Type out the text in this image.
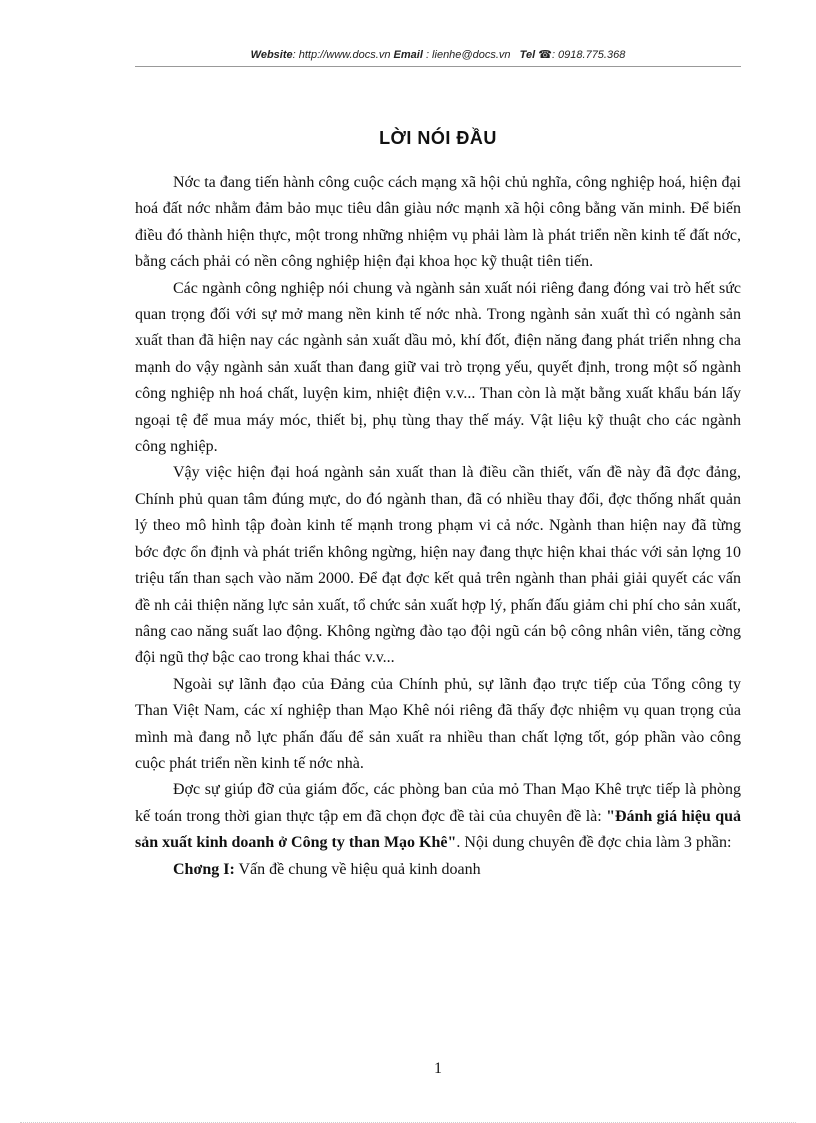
Website: http://www.docs.vn Email : lienhe@docs.vn Tel ☎: 0918.775.368
LỜI NÓI ĐẦU

Nớc ta đang tiến hành công cuộc cách mạng xã hội chủ nghĩa, công nghiệp hoá, hiện đại hoá đất nớc nhằm đảm bảo mục tiêu dân giàu nớc mạnh xã hội công bằng văn minh. Để biến điều đó thành hiện thực, một trong những nhiệm vụ phải làm là phát triển nền kinh tế đất nớc, bằng cách phải có nền công nghiệp hiện đại khoa học kỹ thuật tiên tiến.

Các ngành công nghiệp nói chung và ngành sản xuất nói riêng đang đóng vai trò hết sức quan trọng đối với sự mở mang nền kinh tế nớc nhà. Trong ngành sản xuất thì có ngành sản xuất than đã hiện nay các ngành sản xuất dầu mỏ, khí đốt, điện năng đang phát triển nhng cha mạnh do vậy ngành sản xuất than đang giữ vai trò trọng yếu, quyết định, trong một số ngành công nghiệp nh hoá chất, luyện kim, nhiệt điện v.v... Than còn là mặt bằng xuất khẩu bán lấy ngoại tệ để mua máy móc, thiết bị, phụ tùng thay thế máy. Vật liệu kỹ thuật cho các ngành công nghiệp.

Vậy việc hiện đại hoá ngành sản xuất than là điều cần thiết, vấn đề này đã đợc đảng, Chính phủ quan tâm đúng mực, do đó ngành than, đã có nhiều thay đổi, đợc thống nhất quản lý theo mô hình tập đoàn kinh tế mạnh trong phạm vi cả nớc. Ngành than hiện nay đã từng bớc đợc ổn định và phát triển không ngừng, hiện nay đang thực hiện khai thác với sản lợng 10 triệu tấn than sạch vào năm 2000. Để đạt đợc kết quả trên ngành than phải giải quyết các vấn đề nh cải thiện năng lực sản xuất, tổ chức sản xuất hợp lý, phấn đấu giảm chi phí cho sản xuất, nâng cao năng suất lao động. Không ngừng đào tạo đội ngũ cán bộ công nhân viên, tăng cờng đội ngũ thợ bậc cao trong khai thác v.v...

Ngoài sự lãnh đạo của Đảng của Chính phủ, sự lãnh đạo trực tiếp của Tổng công ty Than Việt Nam, các xí nghiệp than Mạo Khê nói riêng đã thấy đợc nhiệm vụ quan trọng của mình mà đang nỗ lực phấn đấu để sản xuất ra nhiều than chất lợng tốt, góp phần vào công cuộc phát triển nền kinh tế nớc nhà.

Đợc sự giúp đỡ của giám đốc, các phòng ban của mỏ Than Mạo Khê trực tiếp là phòng kế toán trong thời gian thực tập em đã chọn đợc đề tài của chuyên đề là: "Đánh giá hiệu quả sản xuất kinh doanh ở Công ty than Mạo Khê". Nội dung chuyên đề đợc chia làm 3 phần:

Chơng I: Vấn đề chung về hiệu quả kinh doanh

1
